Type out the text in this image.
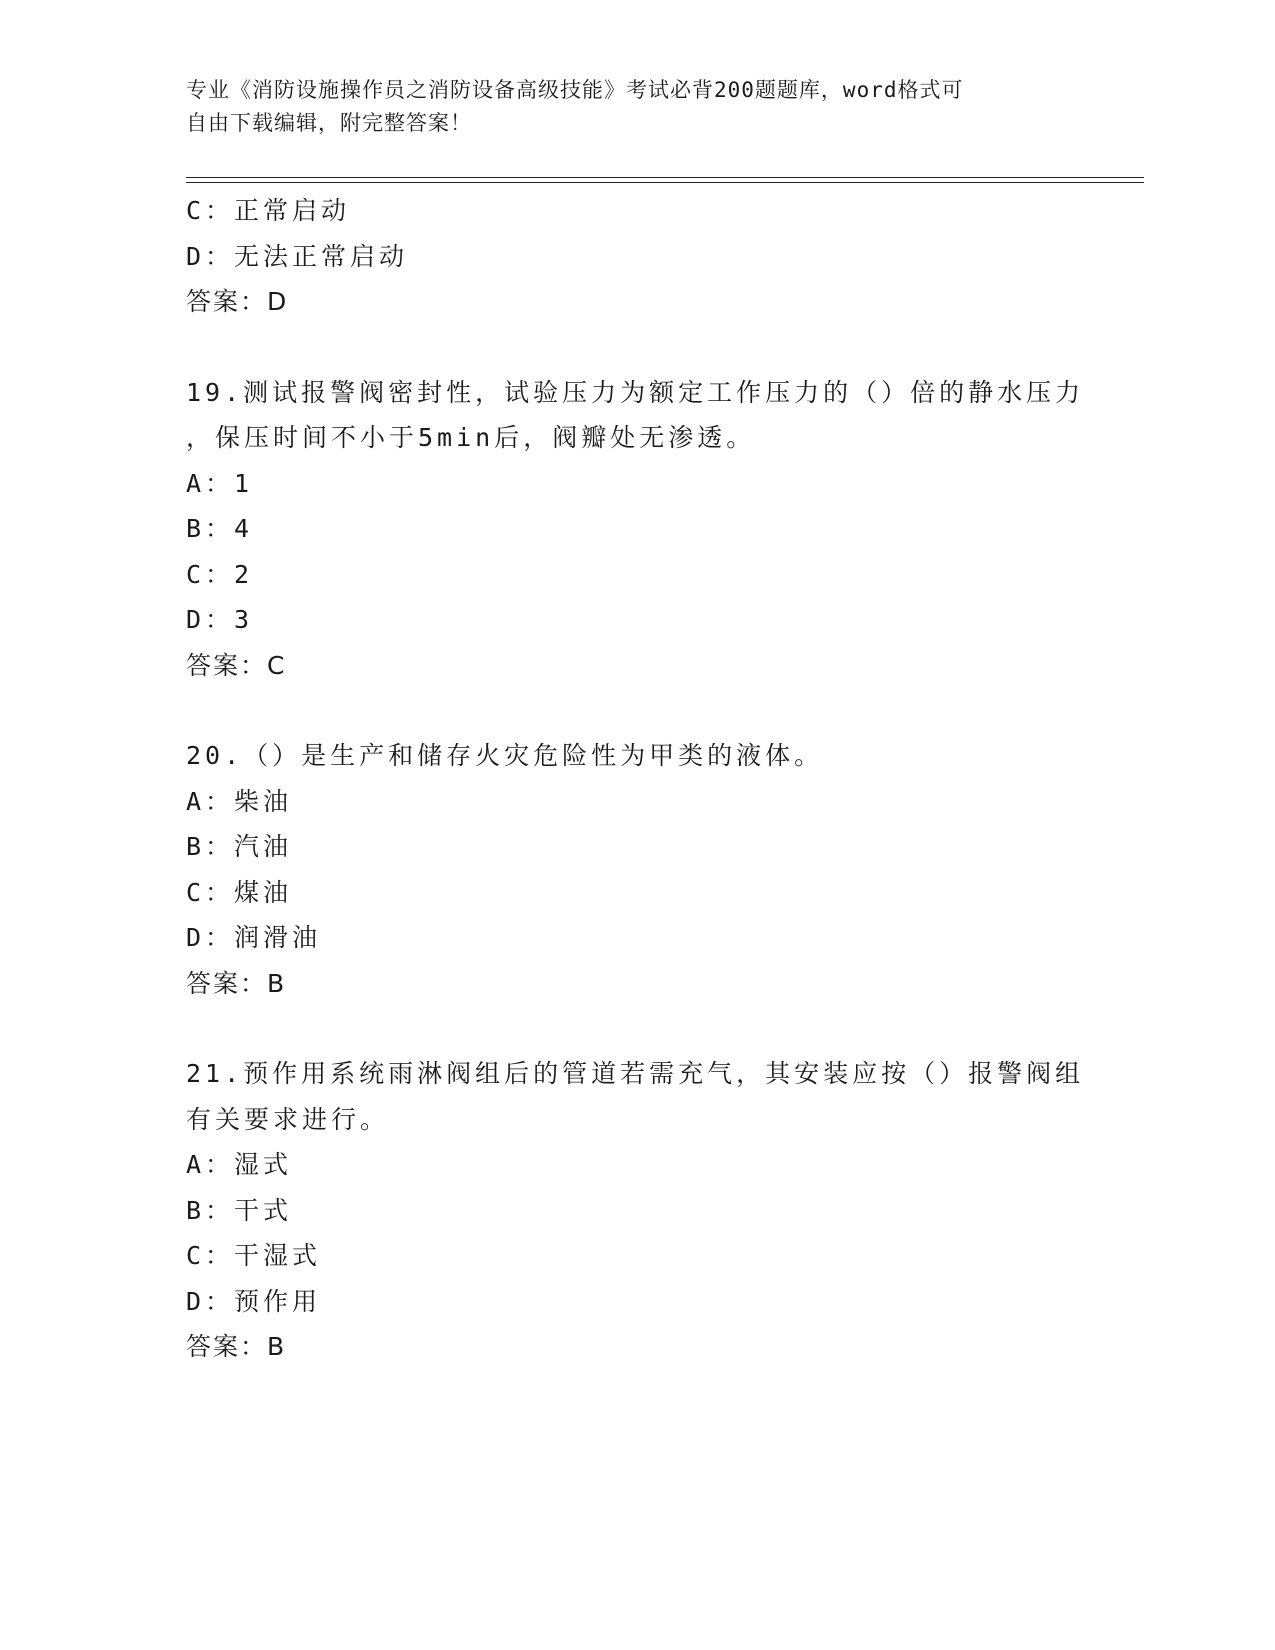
专业《消防设施操作员之消防设备高级技能》考试必背200题题库，word格式可
自由下载编辑，附完整答案！
C：正常启动
D：无法正常启动
答案：D
19.测试报警阀密封性，试验压力为额定工作压力的（）倍的静水压力
，保压时间不小于5min后，阀瓣处无渗透。
A：1
B：4
C：2
D：3
答案：C
20.（）是生产和储存火灾危险性为甲类的液体。
A：柴油
B：汽油
C：煤油
D：润滑油
答案：B
21.预作用系统雨淋阀组后的管道若需充气，其安装应按（）报警阀组
有关要求进行。
A：湿式
B：干式
C：干湿式
D：预作用
答案：B
